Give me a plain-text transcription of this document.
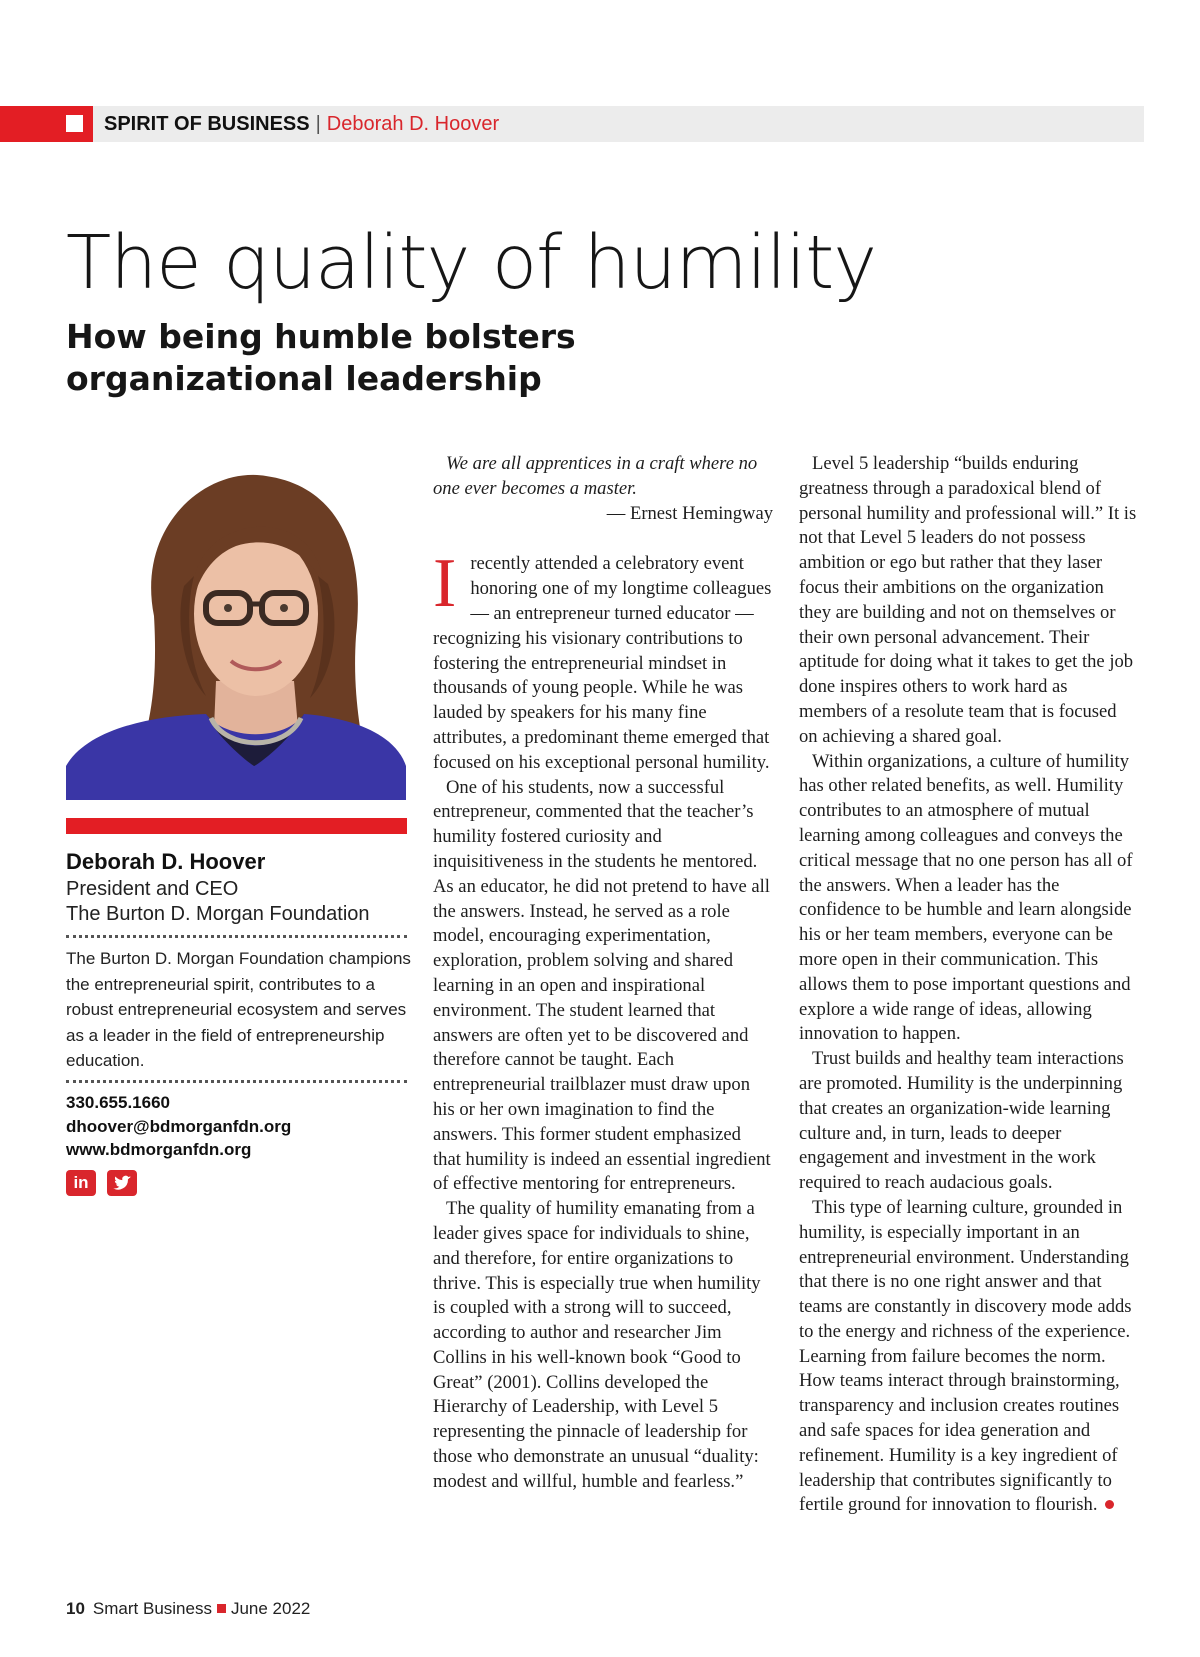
SPIRIT OF BUSINESS | Deborah D. Hoover
The quality of humility
How being humble bolsters organizational leadership
Deborah D. Hoover
President and CEO
The Burton D. Morgan Foundation
The Burton D. Morgan Foundation champions the entrepreneurial spirit, contributes to a robust entrepreneurial ecosystem and serves as a leader in the field of entrepreneurship education.
330.655.1660
dhoover@bdmorganfdn.org
www.bdmorganfdn.org
in

We are all apprentices in a craft where no one ever becomes a master.

— Ernest Hemingway

I recently attended a celebratory event honoring one of my longtime colleagues — an entrepreneur turned educator — recognizing his visionary contributions to fostering the entrepreneurial mindset in thousands of young people. While he was lauded by speakers for his many fine attributes, a predominant theme emerged that focused on his exceptional personal humility.

One of his students, now a successful entrepreneur, commented that the teacher’s humility fostered curiosity and inquisitiveness in the students he mentored. As an educator, he did not pretend to have all the answers. Instead, he served as a role model, encouraging experimentation, exploration, problem solving and shared learning in an open and inspirational environment. The student learned that answers are often yet to be discovered and therefore cannot be taught. Each entrepreneurial trailblazer must draw upon his or her own imagination to find the answers. This former student emphasized that humility is indeed an essential ingredient of effective mentoring for entrepreneurs.

The quality of humility emanating from a leader gives space for individuals to shine, and therefore, for entire organizations to thrive. This is especially true when humility is coupled with a strong will to succeed, according to author and researcher Jim Collins in his well-known book “Good to Great” (2001). Collins developed the Hierarchy of Leadership, with Level 5 representing the pinnacle of leadership for those who demonstrate an unusual “duality: modest and willful, humble and fearless.”

Level 5 leadership “builds enduring greatness through a paradoxical blend of personal humility and professional will.” It is not that Level 5 leaders do not possess ambition or ego but rather that they laser focus their ambitions on the organization they are building and not on themselves or their own personal advancement. Their aptitude for doing what it takes to get the job done inspires others to work hard as members of a resolute team that is focused on achieving a shared goal.

Within organizations, a culture of humility has other related benefits, as well. Humility contributes to an atmosphere of mutual learning among colleagues and conveys the critical message that no one person has all of the answers. When a leader has the confidence to be humble and learn alongside his or her team members, everyone can be more open in their communication. This allows them to pose important questions and explore a wide range of ideas, allowing innovation to happen.

Trust builds and healthy team interactions are promoted. Humility is the underpinning that creates an organization-wide learning culture and, in turn, leads to deeper engagement and investment in the work required to reach audacious goals.

This type of learning culture, grounded in humility, is especially important in an entrepreneurial environment. Understanding that there is no one right answer and that teams are constantly in discovery mode adds to the energy and richness of the experience. Learning from failure becomes the norm. How teams interact through brainstorming, transparency and inclusion creates routines and safe spaces for idea generation and refinement. Humility is a key ingredient of leadership that contributes significantly to fertile ground for innovation to flourish.

10 Smart Business June 2022
